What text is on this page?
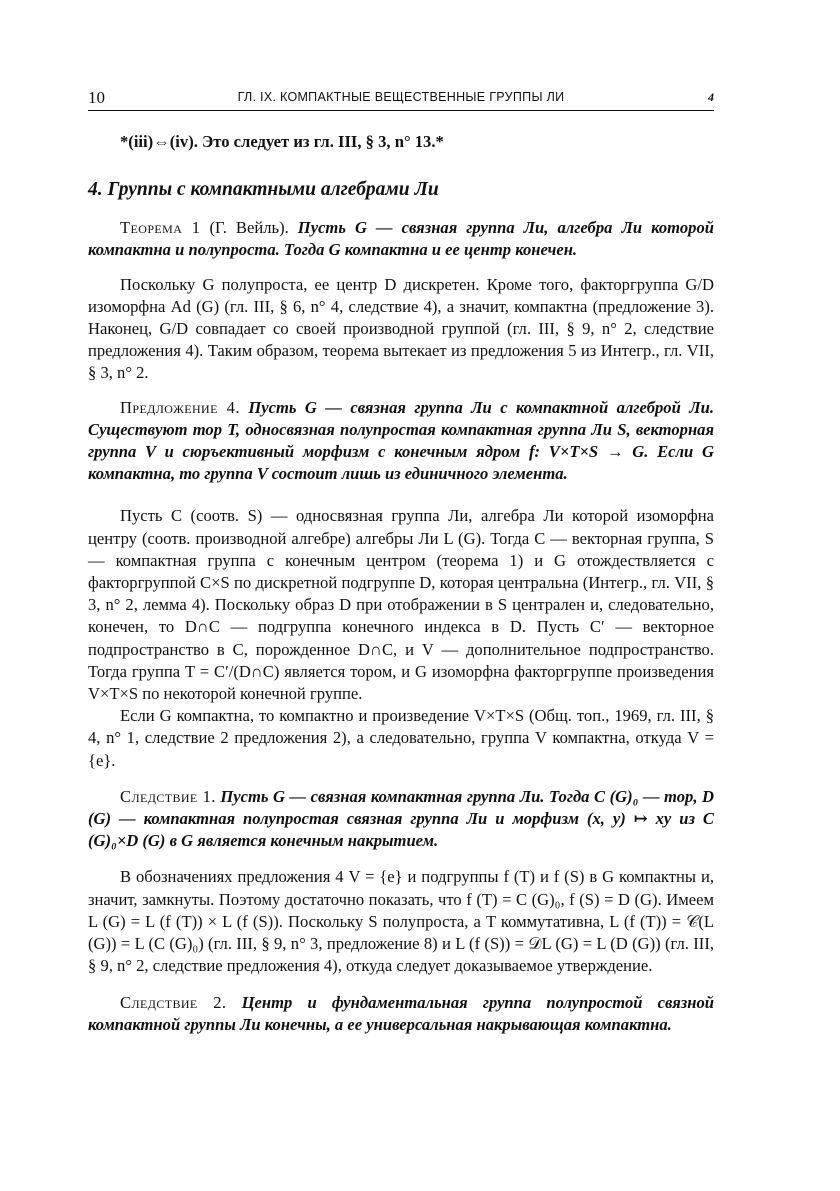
10	ГЛ. IX. КОМПАКТНЫЕ ВЕЩЕСТВЕННЫЕ ГРУППЫ ЛИ	4

*(iii)⇔(iv). Это следует из гл. III, § 3, n° 13.*

4. Группы с компактными алгебрами Ли

Теорема 1 (Г. Вейль). Пусть G — связная группа Ли, алгебра Ли которой компактна и полупроста. Тогда G компактна и ее центр конечен.

Поскольку G полупроста, ее центр D дискретен. Кроме того, факторгруппа G/D изоморфна Ad (G) (гл. III, § 6, n° 4, следствие 4), а значит, компактна (предложение 3). Наконец, G/D совпадает со своей производной группой (гл. III, § 9, n° 2, следствие предложения 4). Таким образом, теорема вытекает из предложения 5 из Интегр., гл. VII, § 3, n° 2.

Предложение 4. Пусть G — связная группа Ли с компактной алгеброй Ли. Существуют тор T, односвязная полупростая компактная группа Ли S, векторная группа V и сюръективный морфизм с конечным ядром f: V×T×S → G. Если G компактна, то группа V состоит лишь из единичного элемента.

Пусть C (соотв. S) — односвязная группа Ли, алгебра Ли которой изоморфна центру (соотв. производной алгебре) алгебры Ли L (G). Тогда C — векторная группа, S — компактная группа с конечным центром (теорема 1) и G отождествляется с факторгруппой C×S по дискретной подгруппе D, которая центральна (Интегр., гл. VII, § 3, n° 2, лемма 4). Поскольку образ D при отображении в S централен и, следовательно, конечен, то D∩C — подгруппа конечного индекса в D. Пусть C′ — векторное подпространство в C, порожденное D∩C, и V — дополнительное подпространство. Тогда группа T = C′/(D∩C) является тором, и G изоморфна факторгруппе произведения V×T×S по некоторой конечной группе.

Если G компактна, то компактно и произведение V×T×S (Общ. топ., 1969, гл. III, § 4, n° 1, следствие 2 предложения 2), а следовательно, группа V компактна, откуда V = {e}.

Следствие 1. Пусть G — связная компактная группа Ли. Тогда C (G)₀ — тор, D (G) — компактная полупростая связная группа Ли и морфизм (x, y) ↦ xy из C (G)₀×D (G) в G является конечным накрытием.

В обозначениях предложения 4 V = {e} и подгруппы f (T) и f (S) в G компактны и, значит, замкнуты. Поэтому достаточно показать, что f (T) = C (G)₀, f (S) = D (G). Имеем L (G) = L (f (T)) × L (f (S)). Поскольку S полупроста, а T коммутативна, L (f (T)) = 𝒞(L (G)) = L (C (G)₀) (гл. III, § 9, n° 3, предложение 8) и L (f (S)) = 𝒟L (G) = L (D (G)) (гл. III, § 9, n° 2, следствие предложения 4), откуда следует доказываемое утверждение.

Следствие 2. Центр и фундаментальная группа полупростой связной компактной группы Ли конечны, а ее универсальная накрывающая компактна.
